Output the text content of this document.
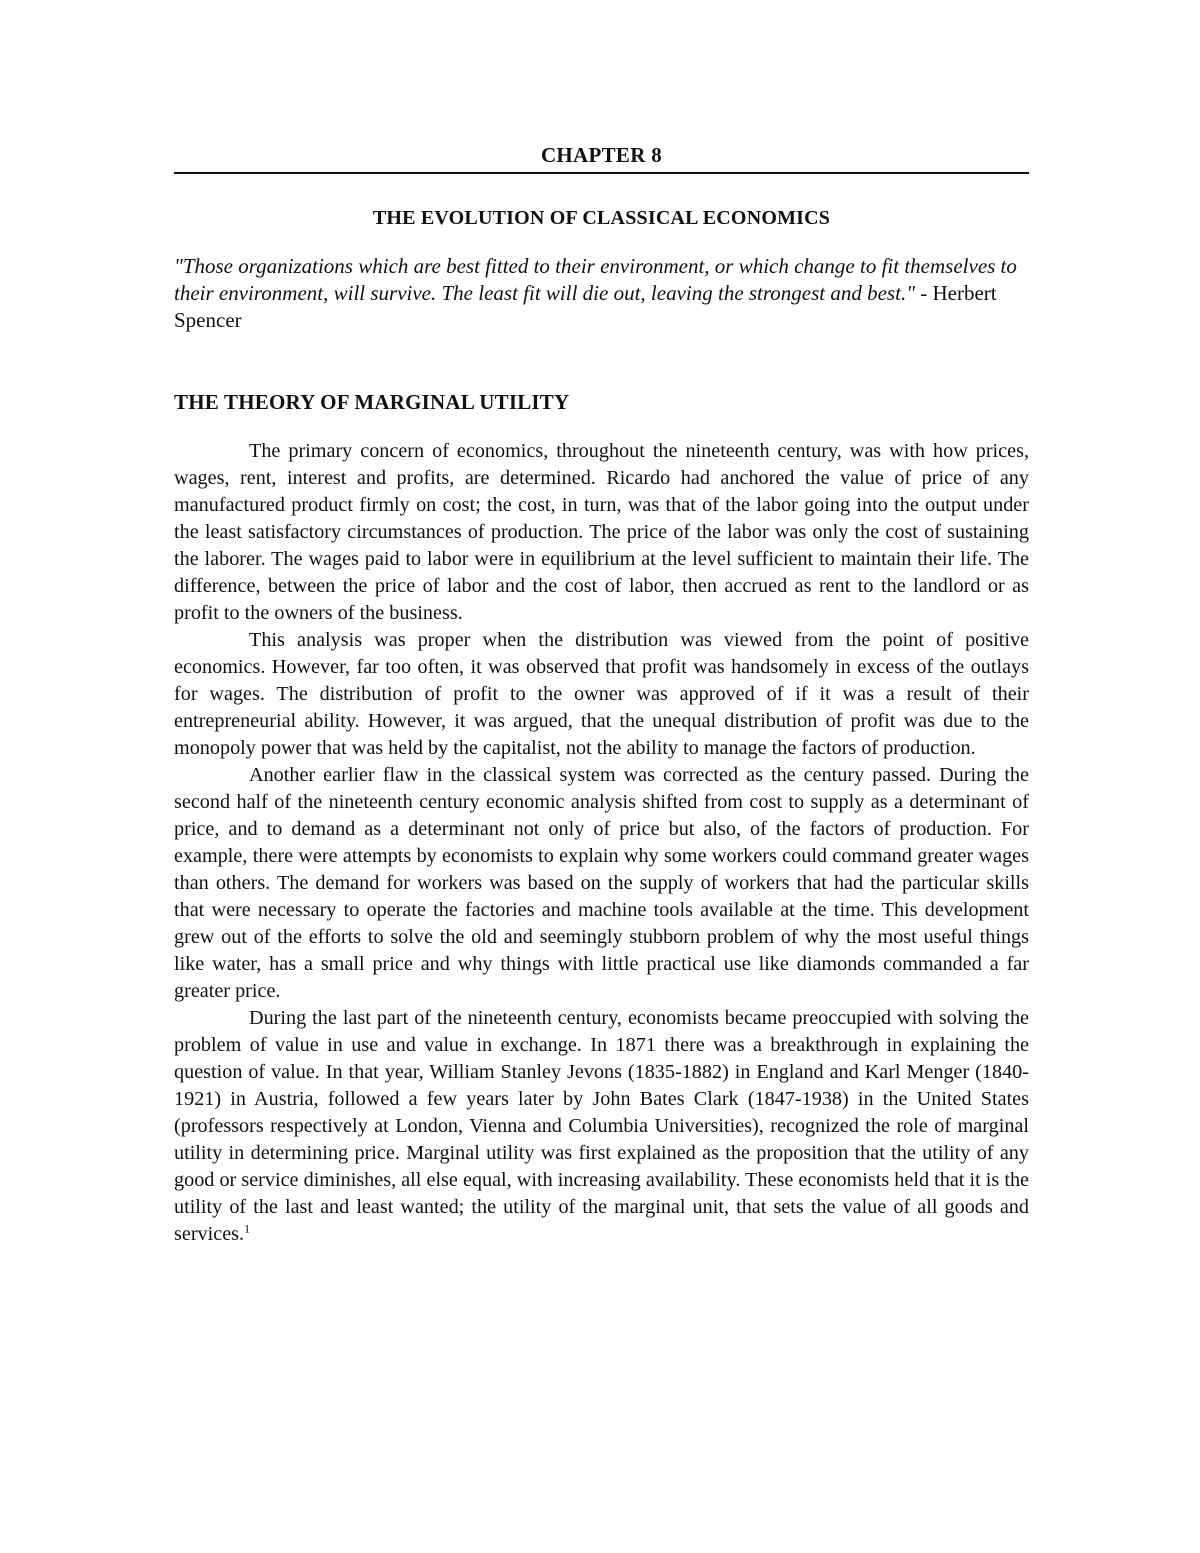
CHAPTER 8
THE EVOLUTION OF CLASSICAL ECONOMICS

"Those organizations which are best fitted to their environment, or which change to fit themselves to their environment, will survive. The least fit will die out, leaving the strongest and best." - Herbert Spencer

THE THEORY OF MARGINAL UTILITY

The primary concern of economics, throughout the nineteenth century, was with how prices, wages, rent, interest and profits, are determined. Ricardo had anchored the value of price of any manufactured product firmly on cost; the cost, in turn, was that of the labor going into the output under the least satisfactory circumstances of production. The price of the labor was only the cost of sustaining the laborer. The wages paid to labor were in equilibrium at the level sufficient to maintain their life. The difference, between the price of labor and the cost of labor, then accrued as rent to the landlord or as profit to the owners of the business.

This analysis was proper when the distribution was viewed from the point of positive economics. However, far too often, it was observed that profit was handsomely in excess of the outlays for wages. The distribution of profit to the owner was approved of if it was a result of their entrepreneurial ability. However, it was argued, that the unequal distribution of profit was due to the monopoly power that was held by the capitalist, not the ability to manage the factors of production.

Another earlier flaw in the classical system was corrected as the century passed. During the second half of the nineteenth century economic analysis shifted from cost to supply as a determinant of price, and to demand as a determinant not only of price but also, of the factors of production. For example, there were attempts by economists to explain why some workers could command greater wages than others. The demand for workers was based on the supply of workers that had the particular skills that were necessary to operate the factories and machine tools available at the time. This development grew out of the efforts to solve the old and seemingly stubborn problem of why the most useful things like water, has a small price and why things with little practical use like diamonds commanded a far greater price.

During the last part of the nineteenth century, economists became preoccupied with solving the problem of value in use and value in exchange. In 1871 there was a breakthrough in explaining the question of value. In that year, William Stanley Jevons (1835-1882) in England and Karl Menger (1840-1921) in Austria, followed a few years later by John Bates Clark (1847-1938) in the United States (professors respectively at London, Vienna and Columbia Universities), recognized the role of marginal utility in determining price. Marginal utility was first explained as the proposition that the utility of any good or service diminishes, all else equal, with increasing availability. These economists held that it is the utility of the last and least wanted; the utility of the marginal unit, that sets the value of all goods and services.$^1$
